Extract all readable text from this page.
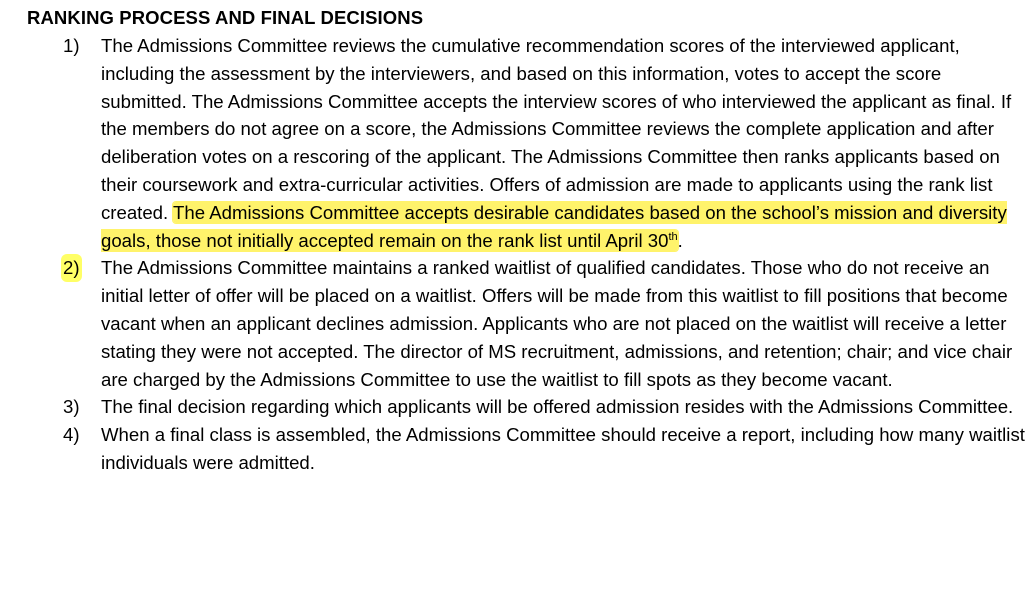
RANKING PROCESS AND FINAL DECISIONS
1) The Admissions Committee reviews the cumulative recommendation scores of the interviewed applicant, including the assessment by the interviewers, and based on this information, votes to accept the score submitted. The Admissions Committee accepts the interview scores of who interviewed the applicant as final. If the members do not agree on a score, the Admissions Committee reviews the complete application and after deliberation votes on a rescoring of the applicant. The Admissions Committee then ranks applicants based on their coursework and extra-curricular activities. Offers of admission are made to applicants using the rank list created. The Admissions Committee accepts desirable candidates based on the school’s mission and diversity goals, those not initially accepted remain on the rank list until April 30th.
2) The Admissions Committee maintains a ranked waitlist of qualified candidates. Those who do not receive an initial letter of offer will be placed on a waitlist. Offers will be made from this waitlist to fill positions that become vacant when an applicant declines admission. Applicants who are not placed on the waitlist will receive a letter stating they were not accepted. The director of MS recruitment, admissions, and retention; chair; and vice chair are charged by the Admissions Committee to use the waitlist to fill spots as they become vacant.
3) The final decision regarding which applicants will be offered admission resides with the Admissions Committee.
4) When a final class is assembled, the Admissions Committee should receive a report, including how many waitlist individuals were admitted.
